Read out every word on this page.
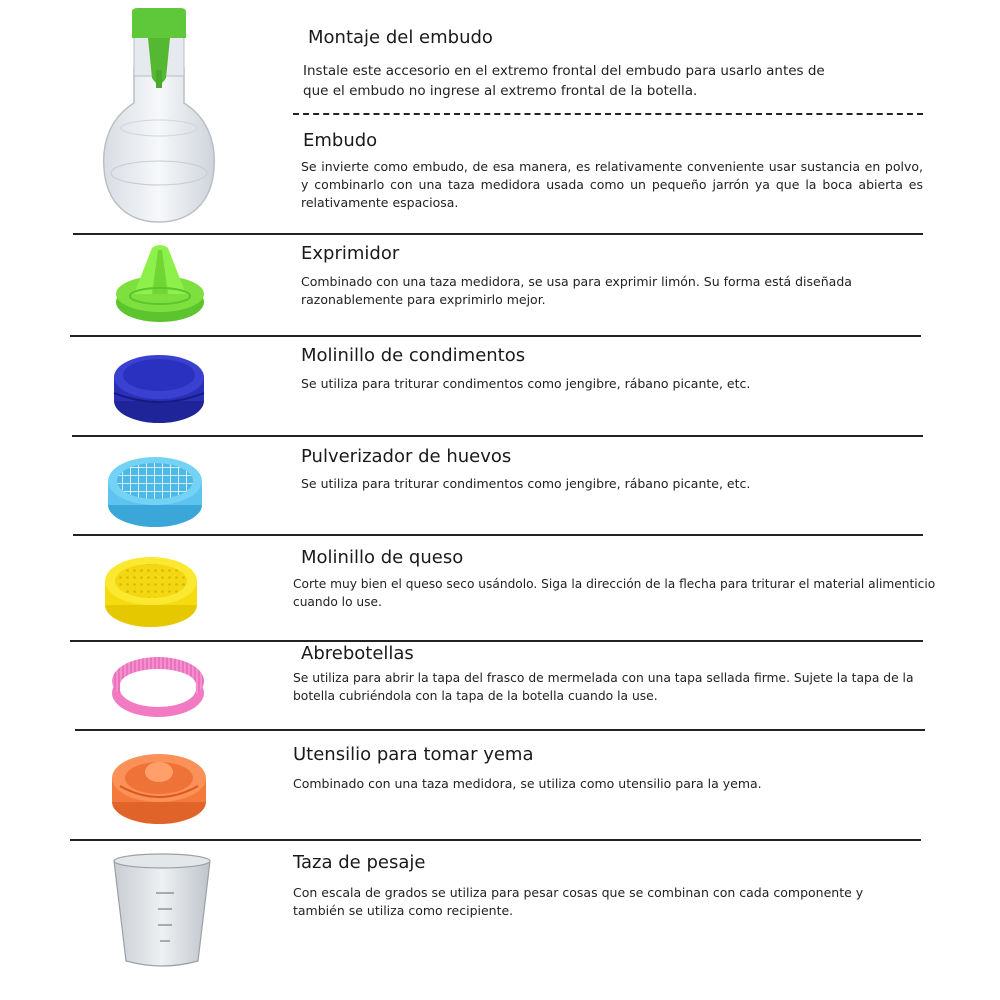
Montaje del embudo
Instale este accesorio en el extremo frontal del embudo para usarlo antes de que el embudo no ingrese al extremo frontal de la botella.
Embudo
Se invierte como embudo, de esa manera, es relativamente conveniente usar sustancia en polvo, y combinarlo con una taza medidora usada como un pequeño jarrón ya que la boca abierta es relativamente espaciosa.
Exprimidor
Combinado con una taza medidora, se usa para exprimir limón. Su forma está diseñada razonablemente para exprimirlo mejor.
Molinillo de condimentos
Se utiliza para triturar condimentos como jengibre, rábano picante, etc.
Pulverizador de huevos
Se utiliza para triturar condimentos como jengibre, rábano picante, etc.
Molinillo de queso
Corte muy bien el queso seco usándolo. Siga la dirección de la flecha para triturar el material alimenticio cuando lo use.
Abrebotellas
Se utiliza para abrir la tapa del frasco de mermelada con una tapa sellada firme. Sujete la tapa de la botella cubriéndola con la tapa de la botella cuando la use.
Utensilio para tomar yema
Combinado con una taza medidora, se utiliza como utensilio para la yema.
Taza de pesaje
Con escala de grados se utiliza para pesar cosas que se combinan con cada componente y también se utiliza como recipiente.
